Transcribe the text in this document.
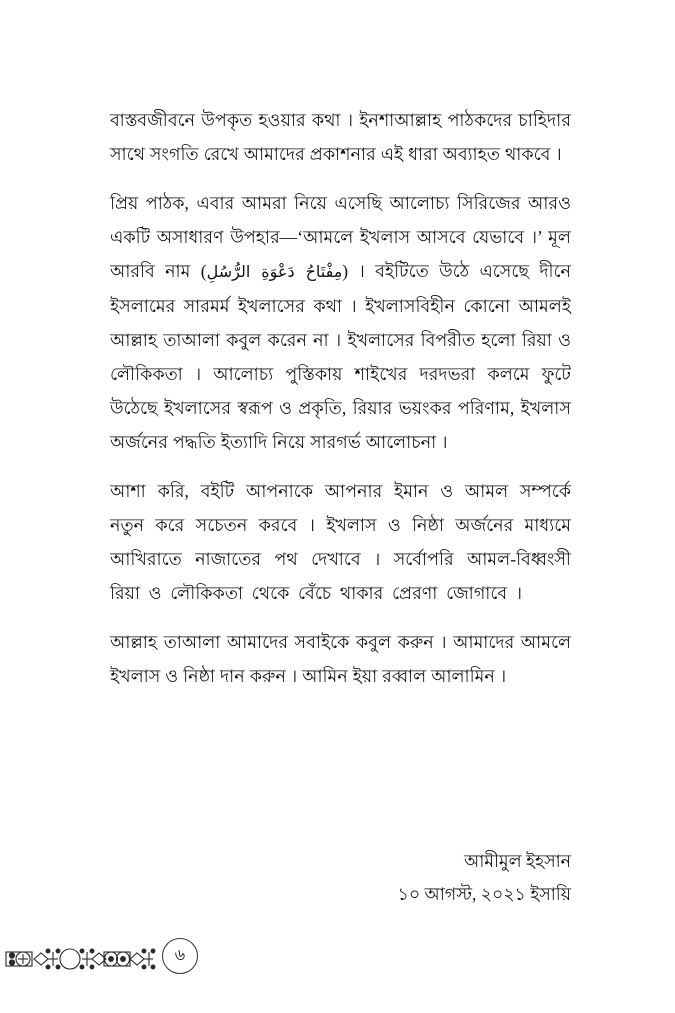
বাস্তবজীবনে উপকৃত হওয়ার কথা । ইনশাআল্লাহ পাঠকদের চাহিদার সাথে সংগতি রেখে আমাদের প্রকাশনার এই ধারা অব্যাহত থাকবে ।

প্রিয় পাঠক, এবার আমরা নিয়ে এসেছি আলোচ্য সিরিজের আরও একটি অসাধারণ উপহার—‘আমলে ইখলাস আসবে যেভাবে ।’ মূল আরবি নাম (مِفْتَاحُ دَعْوَةِ الرُّسُلِ) । বইটিতে উঠে এসেছে দীনে ইসলামের সারমর্ম ইখলাসের কথা । ইখলাসবিহীন কোনো আমলই আল্লাহ তাআলা কবুল করেন না । ইখলাসের বিপরীত হলো রিয়া ও লৌকিকতা । আলোচ্য পুস্তিকায় শাইখের দরদভরা কলমে ফুটে উঠেছে ইখলাসের স্বরূপ ও প্রকৃতি, রিয়ার ভয়ংকর পরিণাম, ইখলাস অর্জনের পদ্ধতি ইত্যাদি নিয়ে সারগর্ভ আলোচনা ।

আশা করি, বইটি আপনাকে আপনার ইমান ও আমল সম্পর্কে নতুন করে সচেতন করবে । ইখলাস ও নিষ্ঠা অর্জনের মাধ্যমে আখিরাতে নাজাতের পথ দেখাবে । সর্বোপরি আমল-বিধ্বংসী রিয়া ও লৌকিকতা থেকে বেঁচে থাকার প্রেরণা জোগাবে ।

আল্লাহ তাআলা আমাদের সবাইকে কবুল করুন । আমাদের আমলে ইখলাস ও নিষ্ঠা দান করুন । আমিন ইয়া রব্বাল আলামিন ।

আমীমুল ইহসান
১০ আগস্ট, ২০২১ ইসায়ি
৬
